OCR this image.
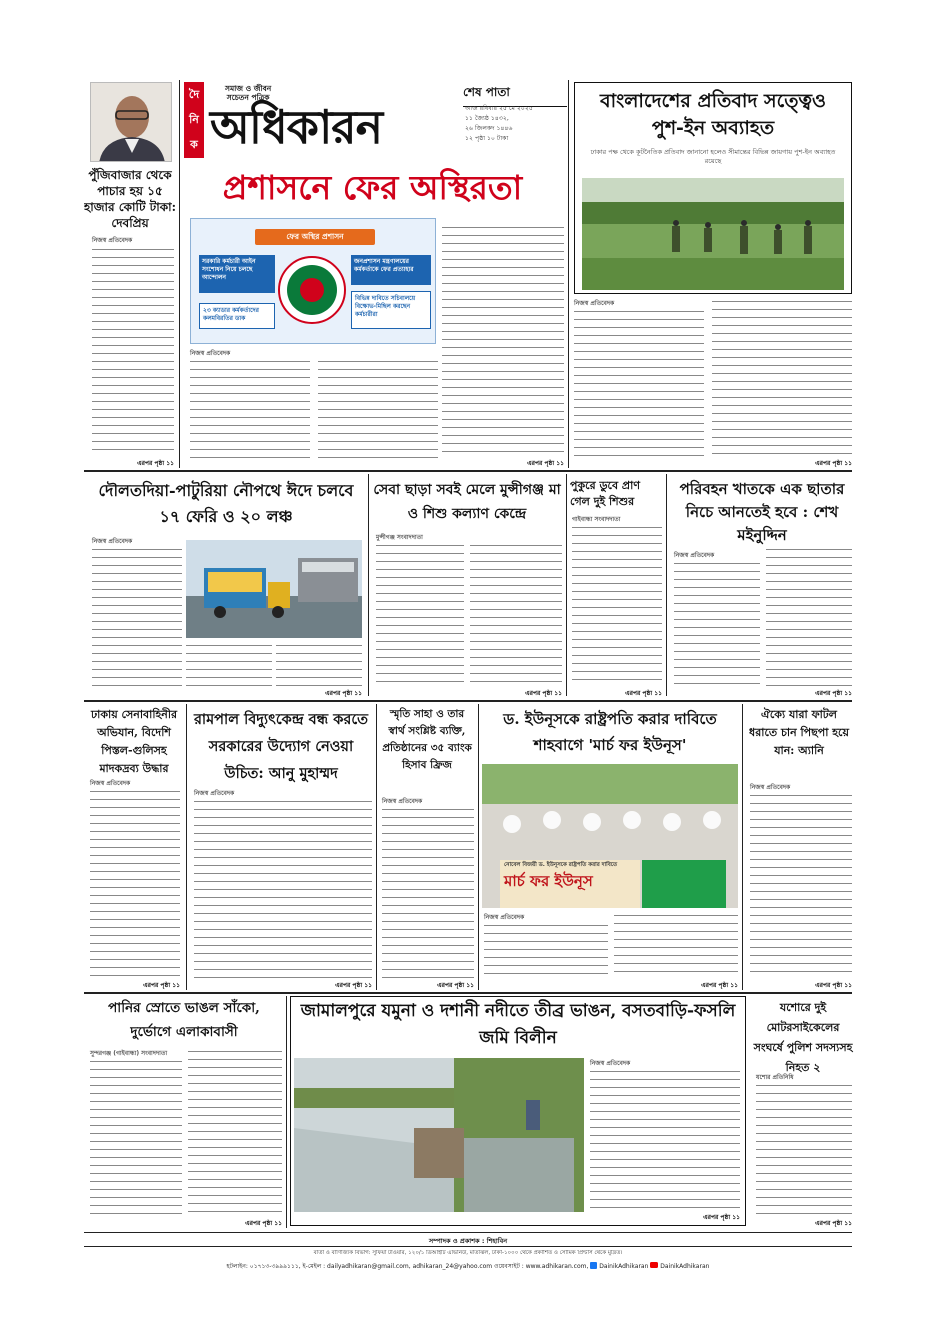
দৈ
নি
ক
সমাজ ও জীবন
সচেতন পত্রিক
অধিকারন
শেষ পাতা
আজ রবিবার ২৫ মে ২০২৫
১১ জ্যৈষ্ঠ ১৪৩২,
২৬ জিলকদ ১৪৪৬
১২ পৃষ্ঠা ১০ টাকা
পুঁজিবাজার থেকে পাচার হয় ১৫ হাজার কোটি টাকা: দেবপ্রিয়
নিজস্ব প্রতিবেদক
এরপর পৃষ্ঠা ১১
প্রশাসনে ফের অস্থিরতা
ফের অস্থির প্রশাসন
সরকারি কর্মচারী আইন সংশোধন নিয়ে চলছে আন্দোলন
২৩ ক্যাডার কর্মকর্তাদের কলমবিরতির ডাক
জনপ্রশাসন মন্ত্রণালয়ের কর্মকর্তাকে ফের প্রত্যাহার
বিভিন্ন দাবিতে সচিবালয়ে বিক্ষোভ-মিছিল করছেন কর্মচারীরা
নিজস্ব প্রতিবেদক
এরপর পৃষ্ঠা ১১
বাংলাদেশের প্রতিবাদ সত্ত্বেও পুশ-ইন অব্যাহত
ঢাকার পক্ষ থেকে কূটনৈতিক প্রতিবাদ জানানো হলেও সীমান্তের বিভিন্ন জায়গায় পুশ-ইন অব্যাহত রয়েছে
নিজস্ব প্রতিবেদক
এরপর পৃষ্ঠা ১১
দৌলতদিয়া-পাটুরিয়া নৌপথে ঈদে চলবে ১৭ ফেরি ও ২০ লঞ্চ
নিজস্ব প্রতিবেদক
এরপর পৃষ্ঠা ১১
সেবা ছাড়া সবই মেলে মুন্সীগঞ্জ মা ও শিশু কল্যাণ কেন্দ্রে
মুন্সীগঞ্জ সংবাদদাতা
এরপর পৃষ্ঠা ১১
পুকুরে ডুবে প্রাণ গেল দুই শিশুর
গাইবান্ধা সংবাদদাতা
এরপর পৃষ্ঠা ১১
পরিবহন খাতকে এক ছাতার নিচে আনতেই হবে : শেখ মইনুদ্দিন
নিজস্ব প্রতিবেদক
এরপর পৃষ্ঠা ১১
ঢাকায় সেনাবাহিনীর অভিযান, বিদেশি পিস্তল-গুলিসহ মাদকদ্রব্য উদ্ধার
নিজস্ব প্রতিবেদক
এরপর পৃষ্ঠা ১১
রামপাল বিদ্যুৎকেন্দ্র বন্ধ করতে সরকারের উদ্যোগ নেওয়া উচিত: আনু মুহাম্মদ
নিজস্ব প্রতিবেদক
এরপর পৃষ্ঠা ১১
স্মৃতি সাহা ও তার স্বার্থ সংশ্লিষ্ট ব্যক্তি, প্রতিষ্ঠানের ৩৫ ব্যাংক হিসাব ফ্রিজ
নিজস্ব প্রতিবেদক
এরপর পৃষ্ঠা ১১
ড. ইউনূসকে রাষ্ট্রপতি করার দাবিতে শাহবাগে 'মার্চ ফর ইউনূস'
নোবেল বিজয়ী ড. ইউনূসকে রাষ্ট্রপতি করার দাবিতে
মার্চ ফর ইউনূস
নিজস্ব প্রতিবেদক
এরপর পৃষ্ঠা ১১
ঐক্যে যারা ফাটল ধরাতে চান পিছপা হয়ে যান: অ্যানি
নিজস্ব প্রতিবেদক
এরপর পৃষ্ঠা ১১
পানির স্রোতে ভাঙল সাঁকো, দুর্ভোগে এলাকাবাসী
সুন্দরগঞ্জ (গাইবান্ধা) সংবাদদাতা
এরপর পৃষ্ঠা ১১
জামালপুরে যমুনা ও দশানী নদীতে তীব্র ভাঙন, বসতবাড়ি-ফসলি জমি বিলীন
নিজস্ব প্রতিবেদক
এরপর পৃষ্ঠা ১১
যশোরে দুই মোটরসাইকেলের সংঘর্ষে পুলিশ সদস্যসহ নিহত ২
যশোর প্রতিনিধি
এরপর পৃষ্ঠা ১১
সম্পাদক ও প্রকাশক : শিহাবিন
বার্তা ও বাণিজ্যিক বিভাগ: সুফিয়া টাওয়ার, ১২০/১ ডিআইটি এভিনিউ, মতিঝিল, ঢাকা-১০০০ থেকে প্রকাশিত ও সৌমিক প্রিন্টার্স থেকে মুদ্রিত।
হটলাইন: ০১৭১৩-৩৯৯৯১১১, ই-মেইল : dailyadhikaran@gmail.com, adhikaran_24@yahoo.com ওয়েবসাইট : www.adhikaran.com, DainikAdhikaran DainikAdhikaran
